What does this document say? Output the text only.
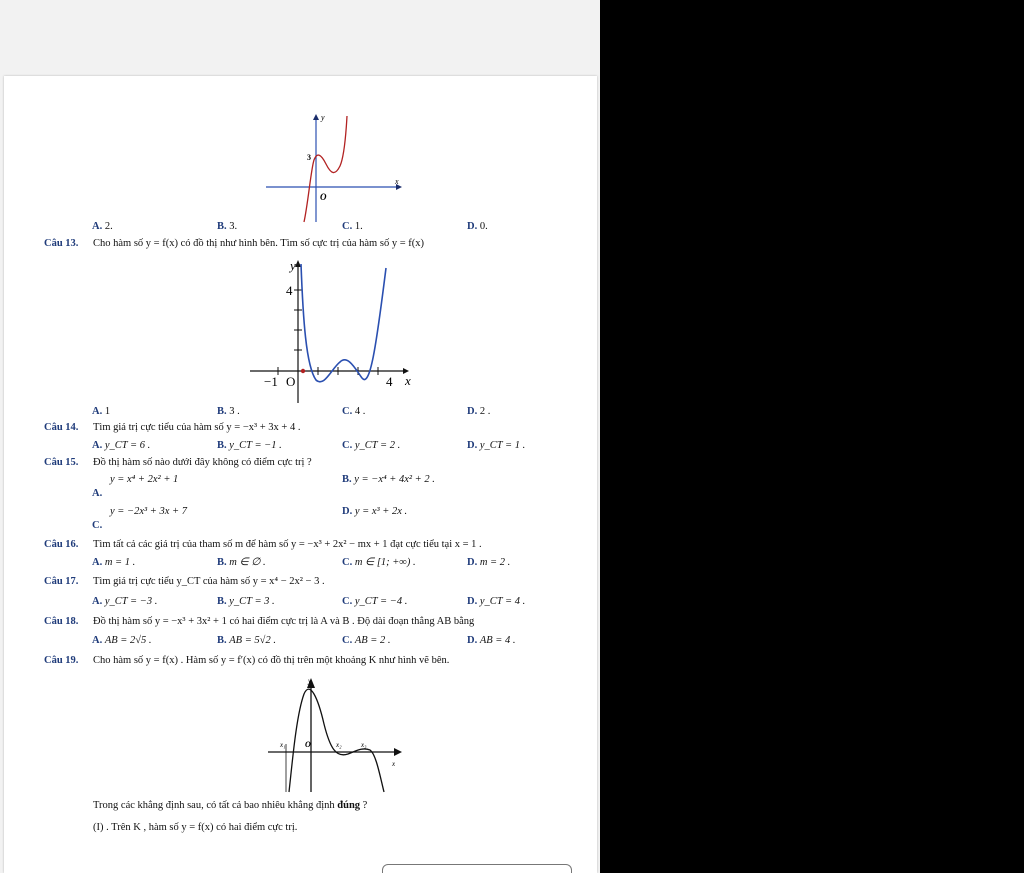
y
x
O
3
A. 2.	B. 3.	C. 1.	D. 0.
Câu 13. Cho hàm số y = f(x) có đồ thị như hình bên. Tìm số cực trị của hàm số y = f(x)
y
x
O
−1	4
4
A. 1	B. 3 .	C. 4 .	D. 2 .
Câu 14. Tìm giá trị cực tiểu của hàm số y = −x³ + 3x + 4 .
A. y_CT = 6 .	B. y_CT = −1 .	C. y_CT = 2 .	D. y_CT = 1 .
Câu 15. Đồ thị hàm số nào dưới đây không có điểm cực trị ?
y = x⁴ + 2x² + 1
A.
B. y = −x⁴ + 4x² + 2 .
y = −2x³ + 3x + 7
C.
D. y = x³ + 2x .
Câu 16. Tìm tất cả các giá trị của tham số m để hàm số y = −x³ + 2x² − mx + 1 đạt cực tiểu tại x = 1 .
A. m = 1 .	B. m ∈ ∅ .	C. m ∈ [1; +∞) .	D. m = 2 .
Câu 17. Tìm giá trị cực tiểu y_CT của hàm số y = x⁴ − 2x² − 3 .
A. y_CT = −3 .	B. y_CT = 3 .	C. y_CT = −4 .	D. y_CT = 4 .
Câu 18. Đồ thị hàm số y = −x³ + 3x² + 1 có hai điểm cực trị là A và B . Độ dài đoạn thẳng AB bằng
A. AB = 2√5 .	B. AB = 5√2 .	C. AB = 2 .	D. AB = 4 .
Câu 19. Cho hàm số y = f(x) . Hàm số y = f′(x) có đồ thị trên một khoảng K như hình vẽ bên.
y
x
O
x₁	x₂	x₃
Trong các khẳng định sau, có tất cả bao nhiêu khẳng định đúng ?
(I) . Trên K , hàm số y = f(x) có hai điểm cực trị.
